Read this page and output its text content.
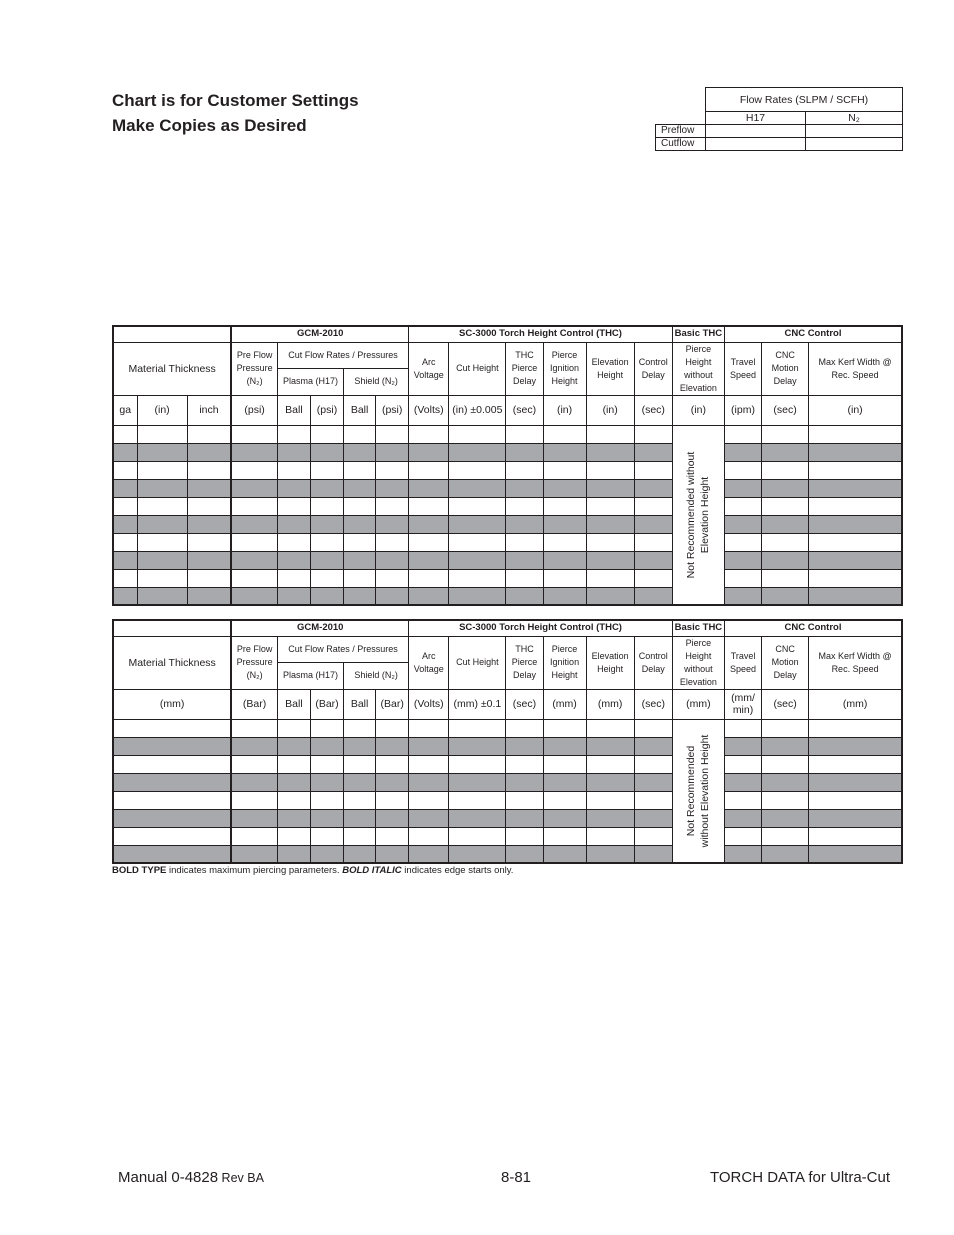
Chart is for Customer Settings
Make Copies as Desired
	Flow Rates (SLPM / SCFH)	
	H17	N₂
Preflow		
Cutflow		
			GCM-2010					SC-3000 Torch Height Control (THC)						Basic THC	CNC Control		
Material Thickness			Pre Flow Pressure (N₂)	Cut Flow Rates / Pressures				Arc Voltage	Cut Height	THC Pierce Delay	Pierce Ignition Height	Elevation Height	Control Delay	Pierce Height without Elevation	Travel Speed	CNC Motion Delay	Max Kerf Width @ Rec. Speed
				Plasma (H17)		Shield (N₂)											
ga	(in)	inch	(psi)	Ball	(psi)	Ball	(psi)	(Volts)	(in) ±0.005	(sec)	(in)	(in)	(sec)	(in)	(ipm)	(sec)	(in)

														Not Recommended without Elevation Height			

	GCM-2010					SC-3000 Torch Height Control (THC)						Basic THC	CNC Control		
Material Thickness	Pre Flow Pressure (N₂)	Cut Flow Rates / Pressures				Arc Voltage	Cut Height	THC Pierce Delay	Pierce Ignition Height	Elevation Height	Control Delay	Pierce Height without Elevation	Travel Speed	CNC Motion Delay	Max Kerf Width @ Rec. Speed
		Plasma (H17)		Shield (N₂)											
(mm)	(Bar)	Ball	(Bar)	Ball	(Bar)	(Volts)	(mm) ±0.1	(sec)	(mm)	(mm)	(sec)	(mm)	(mm/ min)	(sec)	(mm)

												Not Recommended without Elevation Height			

BOLD TYPE indicates maximum piercing parameters. BOLD ITALIC indicates edge starts only.
Manual 0-4828 Rev BA	8-81	TORCH DATA for Ultra-Cut
